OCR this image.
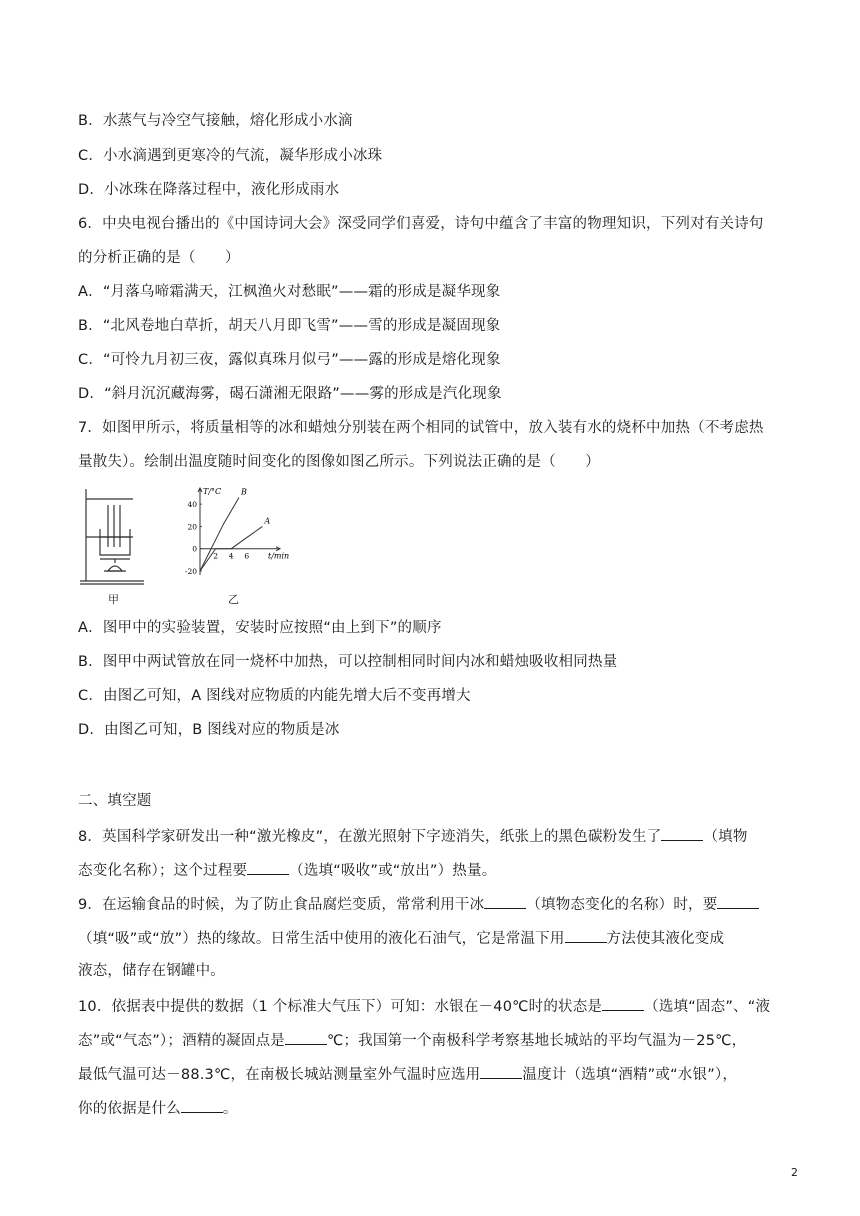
B．水蒸气与冷空气接触，熔化形成小水滴
C．小水滴遇到更寒冷的气流，凝华形成小冰珠
D．小冰珠在降落过程中，液化形成雨水
6．中央电视台播出的《中国诗词大会》深受同学们喜爱，诗句中蕴含了丰富的物理知识，下列对有关诗句
的分析正确的是（　　）
A．“月落乌啼霜满天，江枫渔火对愁眠”——霜的形成是凝华现象
B．“北风卷地白草折，胡天八月即飞雪”——雪的形成是凝固现象
C．“可怜九月初三夜，露似真珠月似弓”——露的形成是熔化现象
D．“斜月沉沉藏海雾，碣石潇湘无限路”——雾的形成是汽化现象
7．如图甲所示，将质量相等的冰和蜡烛分别装在两个相同的试管中，放入装有水的烧杯中加热（不考虑热
量散失）。绘制出温度随时间变化的图像如图乙所示。下列说法正确的是（　　）
T/°C
t/min
40
20
0
-20
2 4 6
B
A
甲	乙
A．图甲中的实验装置，安装时应按照“由上到下”的顺序
B．图甲中两试管放在同一烧杯中加热，可以控制相同时间内冰和蜡烛吸收相同热量
C．由图乙可知，A 图线对应物质的内能先增大后不变再增大
D．由图乙可知，B 图线对应的物质是冰
二、填空题
8．英国科学家研发出一种“激光橡皮”，在激光照射下字迹消失，纸张上的黑色碳粉发生了	（填物
态变化名称）；这个过程要	（选填“吸收”或“放出”）热量。
9．在运输食品的时候，为了防止食品腐烂变质，常常利用干冰	（填物态变化的名称）时，要
（填“吸”或“放”）热的缘故。日常生活中使用的液化石油气，它是常温下用	方法使其液化变成
液态，储存在钢罐中。
10．依据表中提供的数据（1 个标准大气压下）可知：水银在－40℃时的状态是	（选填“固态”、“液
态”或“气态”）；酒精的凝固点是	℃；我国第一个南极科学考察基地长城站的平均气温为－25℃，
最低气温可达－88.3℃，在南极长城站测量室外气温时应选用	温度计（选填“酒精”或“水银”），
你的依据是什么	。
2
